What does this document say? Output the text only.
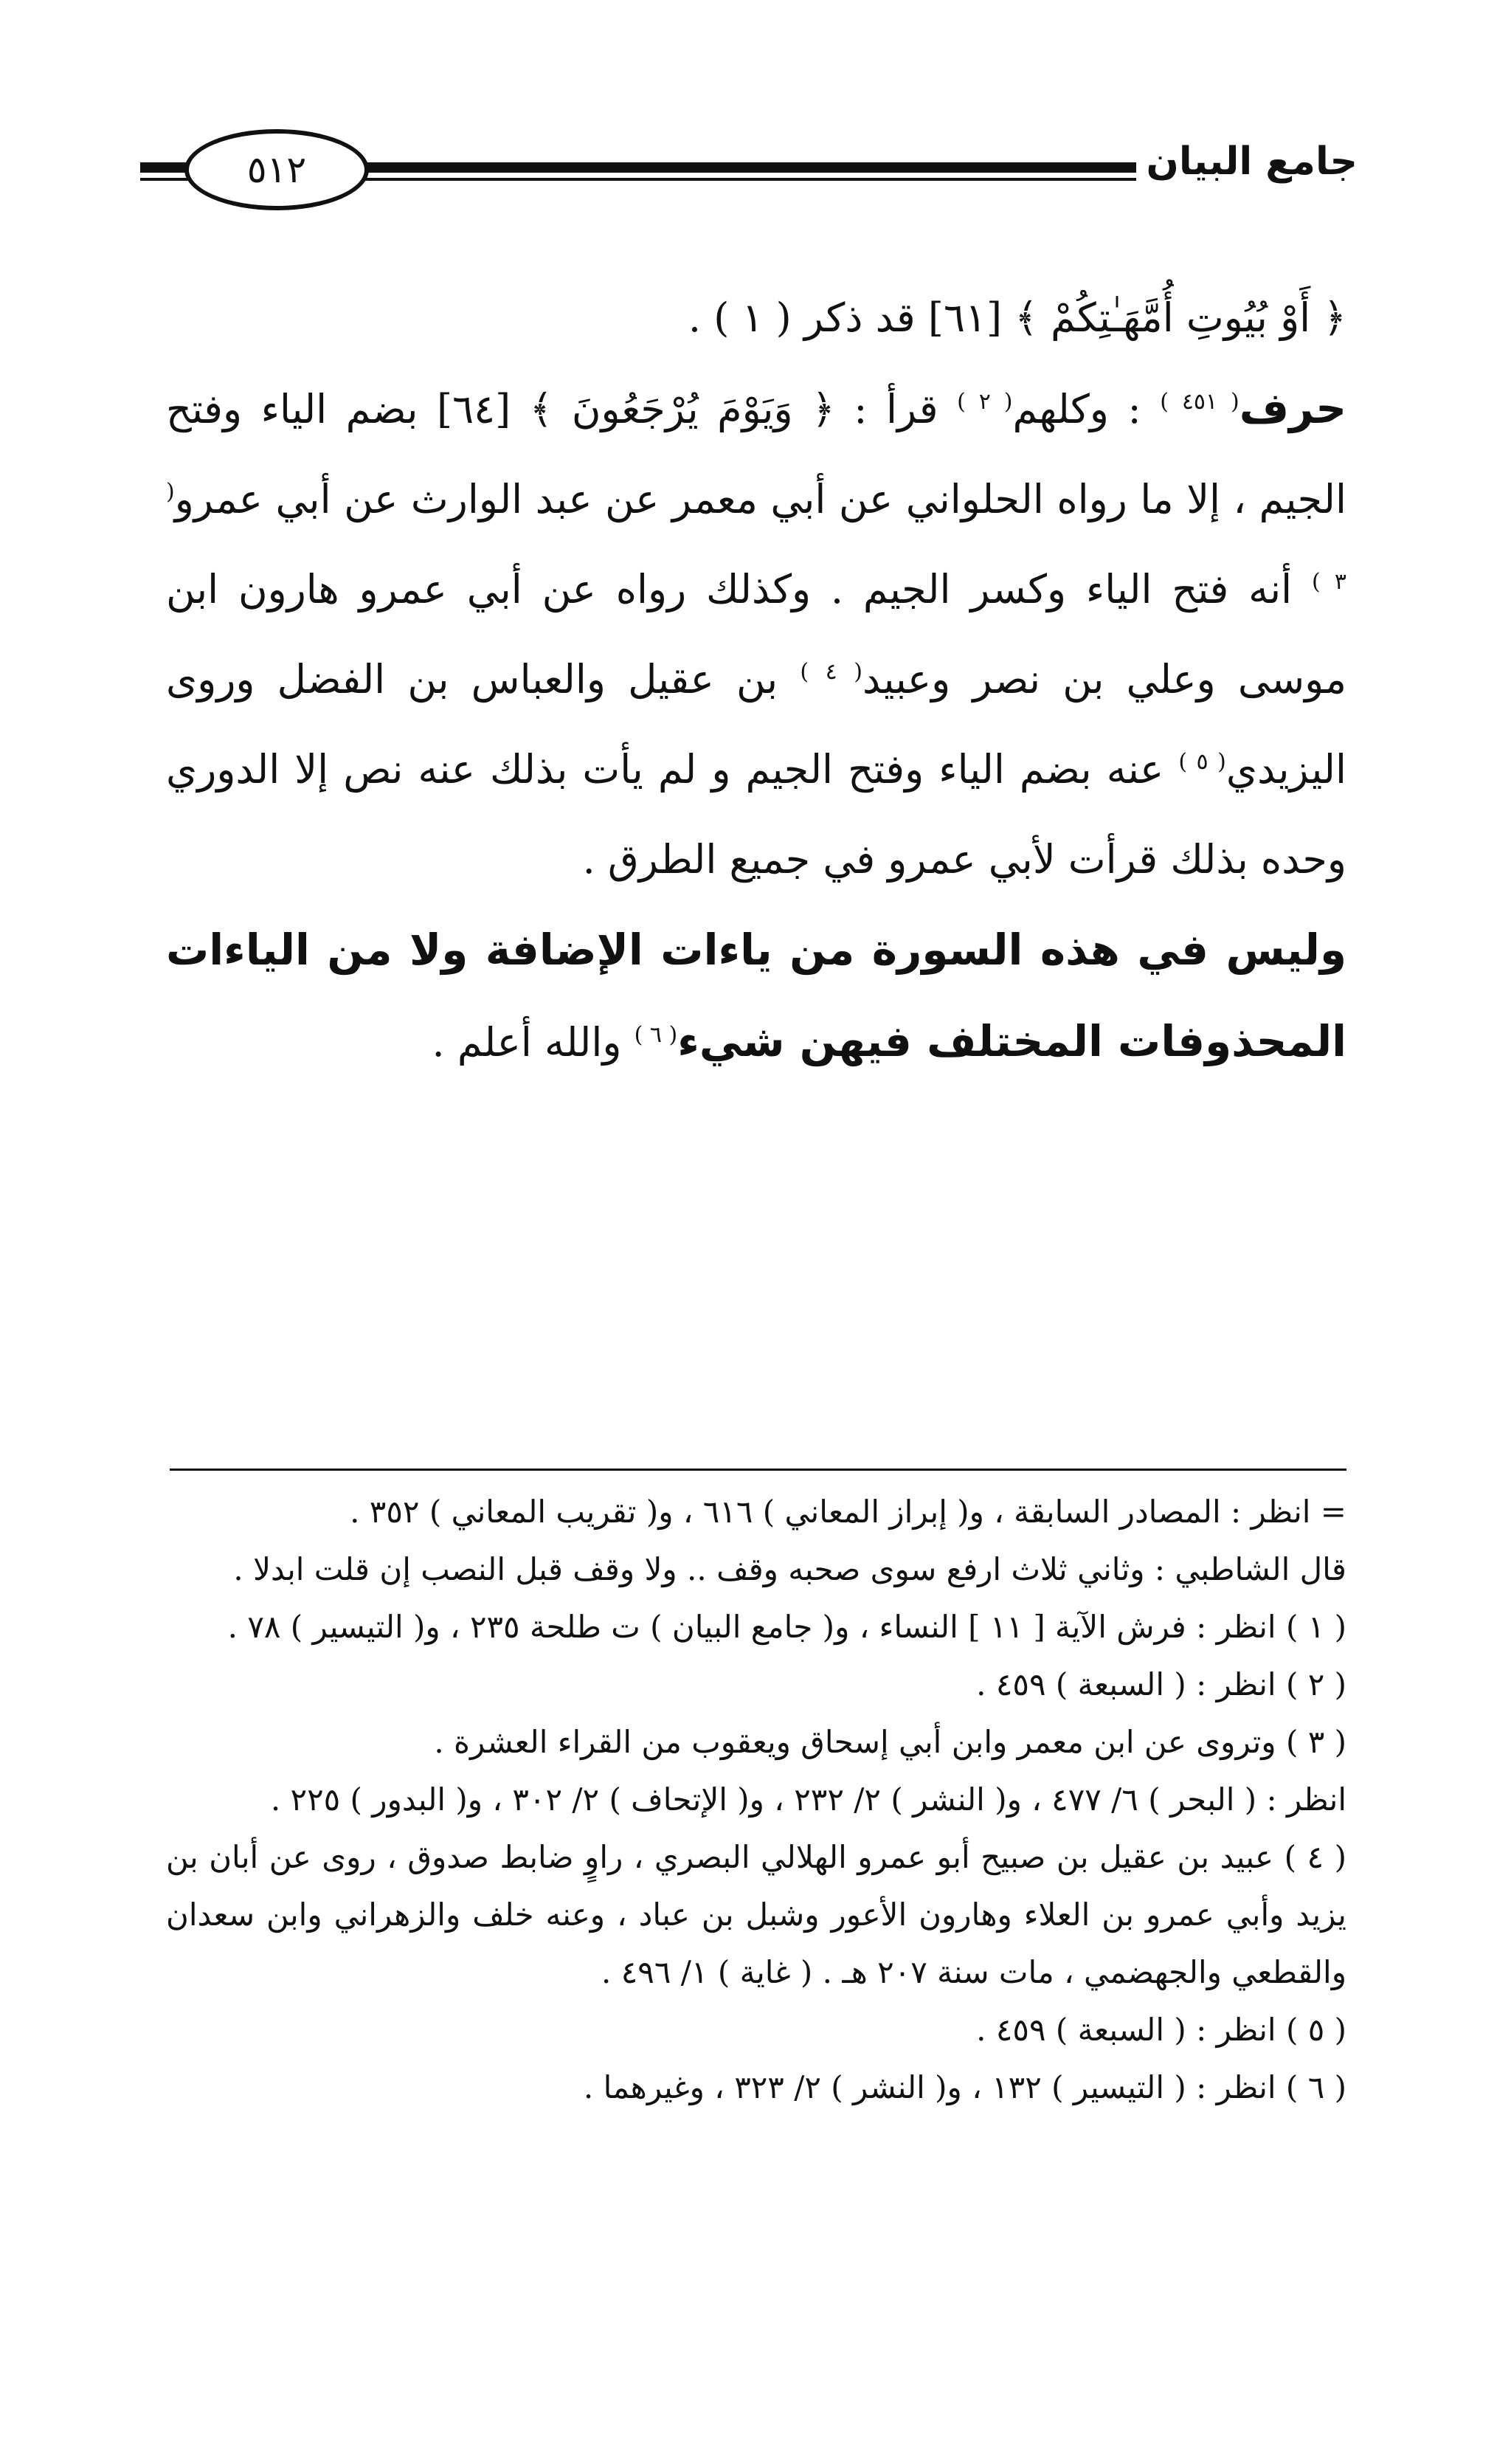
٥١٢	جامع البيان

﴿ أَوْ بُيُوتِ أُمَّهَـٰتِكُمْ ﴾ [٦١] قد ذكر ( ١ ) .

حرف$^{( ٤٥١ )}$ : وكلهم$^{( ٢ )}$ قرأ : ﴿ وَيَوْمَ يُرْجَعُونَ ﴾ [٦٤] بضم الياء وفتح الجيم ، إلا ما رواه الحلواني عن أبي معمر عن عبد الوارث عن أبي عمرو$^{( ٣ )}$ أنه فتح الياء وكسر الجيم . وكذلك رواه عن أبي عمرو هارون ابن موسى وعلي بن نصر وعبيد$^{( ٤ )}$ بن عقيل والعباس بن الفضل وروى اليزيدي$^{( ٥ )}$ عنه بضم الياء وفتح الجيم و لم يأت بذلك عنه نص إلا الدوري وحده بذلك قرأت لأبي عمرو في جميع الطرق .

وليس في هذه السورة من ياءات الإضافة ولا من الياءات المحذوفات المختلف فيهن شيء$^{( ٦ )}$ والله أعلم .

= انظر : المصادر السابقة ، و( إبراز المعاني ) ٦١٦ ، و( تقريب المعاني ) ٣٥٢ .

قال الشاطبي : وثاني ثلاث ارفع سوى صحبه وقف .. ولا وقف قبل النصب إن قلت ابدلا .

( ١ ) انظر : فرش الآية [ ١١ ] النساء ، و( جامع البيان ) ت طلحة ٢٣٥ ، و( التيسير ) ٧٨ .

( ٢ ) انظر : ( السبعة ) ٤٥٩ .

( ٣ ) وتروى عن ابن معمر وابن أبي إسحاق ويعقوب من القراء العشرة .

انظر : ( البحر ) ٦/ ٤٧٧ ، و( النشر ) ٢/ ٢٣٢ ، و( الإتحاف ) ٢/ ٣٠٢ ، و( البدور ) ٢٢٥ .

( ٤ ) عبيد بن عقيل بن صبيح أبو عمرو الهلالي البصري ، راوٍ ضابط صدوق ، روى عن أبان بن يزيد وأبي عمرو بن العلاء وهارون الأعور وشبل بن عباد ، وعنه خلف والزهراني وابن سعدان والقطعي والجهضمي ، مات سنة ٢٠٧ هـ . ( غاية ) ١/ ٤٩٦ .

( ٥ ) انظر : ( السبعة ) ٤٥٩ .

( ٦ ) انظر : ( التيسير ) ١٣٢ ، و( النشر ) ٢/ ٣٢٣ ، وغيرهما .
